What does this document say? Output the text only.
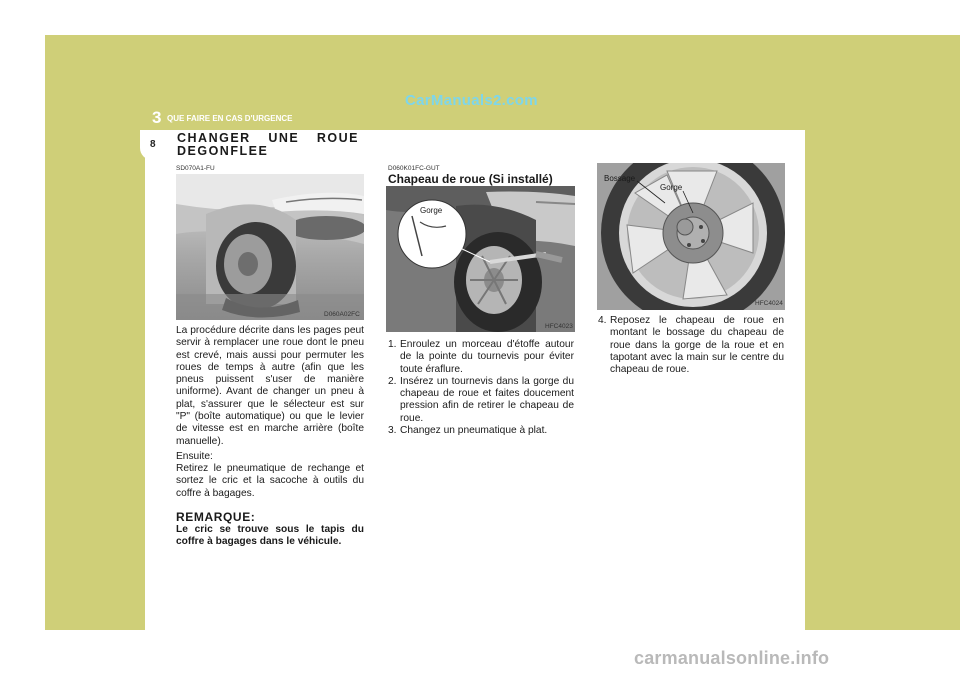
CarManuals2.com
3 QUE FAIRE EN CAS D'URGENCE
8 CHANGER UNE ROUE
DEGONFLEE
SD070A1-FU
D060A02FC

La procédure décrite dans les pages peut servir à remplacer une roue dont le pneu est crevé, mais aussi pour permuter les roues de temps à autre (afin que les pneus puissent s'user de manière uniforme). Avant de changer un pneu à plat, s'assurer que le sélecteur est sur "P" (boîte automatique) ou que le levier de vitesse est en marche arrière (boîte manuelle).

Ensuite:

Retirez le pneumatique de rechange et sortez le cric et la sacoche à outils du coffre à bagages.

REMARQUE:

Le cric se trouve sous le tapis du coffre à bagages dans le véhicule.

D060K01FC-GUT
Chapeau de roue (Si installé)
Gorge
HFC4023
1. Enroulez un morceau d'étoffe autour de la pointe du tournevis pour éviter toute éraflure.
2. Insérez un tournevis dans la gorge du chapeau de roue et faites doucement pression afin de retirer le chapeau de roue.
3. Changez un pneumatique à plat.
Bossage
Gorge
HFC4024
4. Reposez le chapeau de roue en montant le bossage du chapeau de roue dans la gorge de la roue et en tapotant avec la main sur le centre du chapeau de roue.
carmanualsonline.info
